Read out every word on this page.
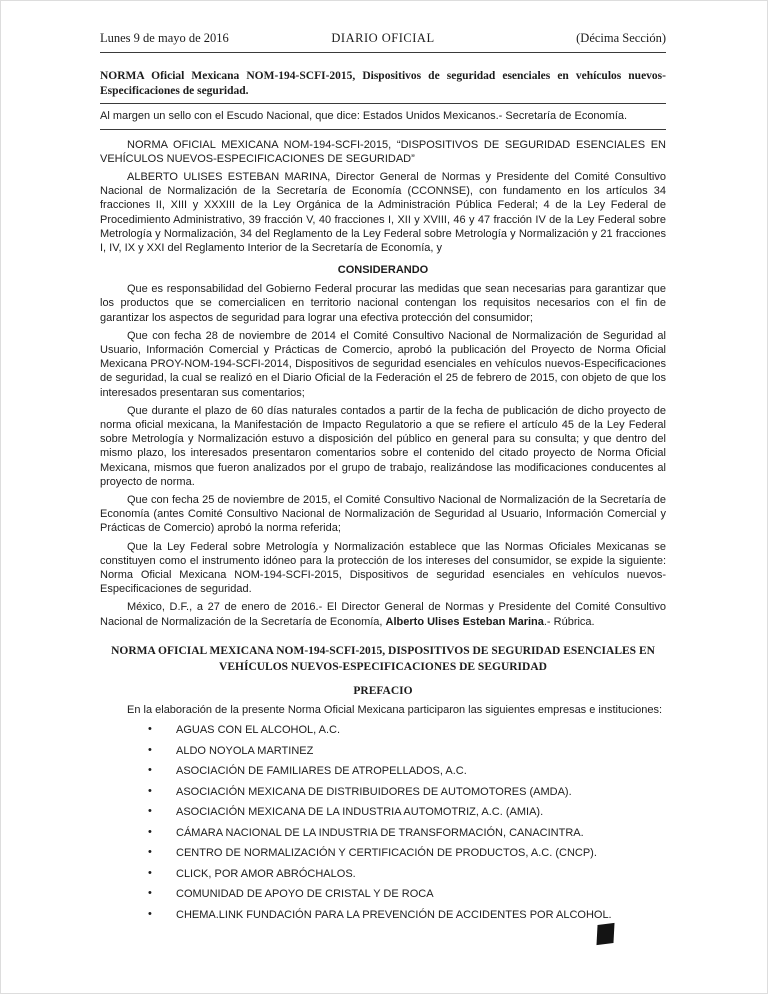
Lunes 9 de mayo de 2016	DIARIO OFICIAL	(Décima Sección)
NORMA Oficial Mexicana NOM-194-SCFI-2015, Dispositivos de seguridad esenciales en vehículos nuevos-Especificaciones de seguridad.

Al margen un sello con el Escudo Nacional, que dice: Estados Unidos Mexicanos.- Secretaría de Economía.

NORMA OFICIAL MEXICANA NOM-194-SCFI-2015, “DISPOSITIVOS DE SEGURIDAD ESENCIALES EN VEHÍCULOS NUEVOS-ESPECIFICACIONES DE SEGURIDAD”

ALBERTO ULISES ESTEBAN MARINA, Director General de Normas y Presidente del Comité Consultivo Nacional de Normalización de la Secretaría de Economía (CCONNSE), con fundamento en los artículos 34 fracciones II, XIII y XXXIII de la Ley Orgánica de la Administración Pública Federal; 4 de la Ley Federal de Procedimiento Administrativo, 39 fracción V, 40 fracciones I, XII y XVIII, 46 y 47 fracción IV de la Ley Federal sobre Metrología y Normalización, 34 del Reglamento de la Ley Federal sobre Metrología y Normalización y 21 fracciones I, IV, IX y XXI del Reglamento Interior de la Secretaría de Economía, y

CONSIDERANDO

Que es responsabilidad del Gobierno Federal procurar las medidas que sean necesarias para garantizar que los productos que se comercialicen en territorio nacional contengan los requisitos necesarios con el fin de garantizar los aspectos de seguridad para lograr una efectiva protección del consumidor;

Que con fecha 28 de noviembre de 2014 el Comité Consultivo Nacional de Normalización de Seguridad al Usuario, Información Comercial y Prácticas de Comercio, aprobó la publicación del Proyecto de Norma Oficial Mexicana PROY-NOM-194-SCFI-2014, Dispositivos de seguridad esenciales en vehículos nuevos-Especificaciones de seguridad, la cual se realizó en el Diario Oficial de la Federación el 25 de febrero de 2015, con objeto de que los interesados presentaran sus comentarios;

Que durante el plazo de 60 días naturales contados a partir de la fecha de publicación de dicho proyecto de norma oficial mexicana, la Manifestación de Impacto Regulatorio a que se refiere el artículo 45 de la Ley Federal sobre Metrología y Normalización estuvo a disposición del público en general para su consulta; y que dentro del mismo plazo, los interesados presentaron comentarios sobre el contenido del citado proyecto de Norma Oficial Mexicana, mismos que fueron analizados por el grupo de trabajo, realizándose las modificaciones conducentes al proyecto de norma.

Que con fecha 25 de noviembre de 2015, el Comité Consultivo Nacional de Normalización de la Secretaría de Economía (antes Comité Consultivo Nacional de Normalización de Seguridad al Usuario, Información Comercial y Prácticas de Comercio) aprobó la norma referida;

Que la Ley Federal sobre Metrología y Normalización establece que las Normas Oficiales Mexicanas se constituyen como el instrumento idóneo para la protección de los intereses del consumidor, se expide la siguiente: Norma Oficial Mexicana NOM-194-SCFI-2015, Dispositivos de seguridad esenciales en vehículos nuevos-Especificaciones de seguridad.

México, D.F., a 27 de enero de 2016.- El Director General de Normas y Presidente del Comité Consultivo Nacional de Normalización de la Secretaría de Economía, Alberto Ulises Esteban Marina.- Rúbrica.

NORMA OFICIAL MEXICANA NOM-194-SCFI-2015, DISPOSITIVOS DE SEGURIDAD ESENCIALES EN VEHÍCULOS NUEVOS-ESPECIFICACIONES DE SEGURIDAD
PREFACIO

En la elaboración de la presente Norma Oficial Mexicana participaron las siguientes empresas e instituciones:

• AGUAS CON EL ALCOHOL, A.C.
• ALDO NOYOLA MARTINEZ
• ASOCIACIÓN DE FAMILIARES DE ATROPELLADOS, A.C.
• ASOCIACIÓN MEXICANA DE DISTRIBUIDORES DE AUTOMOTORES (AMDA).
• ASOCIACIÓN MEXICANA DE LA INDUSTRIA AUTOMOTRIZ, A.C. (AMIA).
• CÁMARA NACIONAL DE LA INDUSTRIA DE TRANSFORMACIÓN, CANACINTRA.
• CENTRO DE NORMALIZACIÓN Y CERTIFICACIÓN DE PRODUCTOS, A.C. (CNCP).
• CLICK, POR AMOR ABRÓCHALOS.
• COMUNIDAD DE APOYO DE CRISTAL Y DE ROCA
• CHEMA.LINK FUNDACIÓN PARA LA PREVENCIÓN DE ACCIDENTES POR ALCOHOL.
